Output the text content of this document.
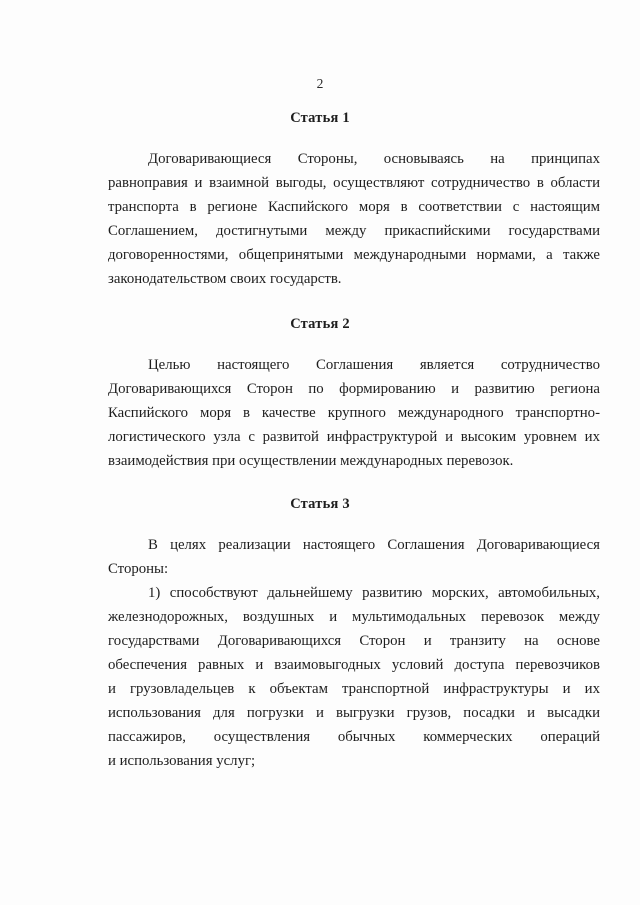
2
Статья 1
Договаривающиеся Стороны, основываясь на принципах
равноправия и взаимной выгоды, осуществляют сотрудничество в области
транспорта в регионе Каспийского моря в соответствии с настоящим
Соглашением, достигнутыми между прикаспийскими государствами
договоренностями, общепринятыми международными нормами, а также
законодательством своих государств.
Статья 2
Целью настоящего Соглашения является сотрудничество
Договаривающихся Сторон по формированию и развитию региона
Каспийского моря в качестве крупного международного транспортно-
логистического узла с развитой инфраструктурой и высоким уровнем их
взаимодействия при осуществлении международных перевозок.
Статья 3
В целях реализации настоящего Соглашения Договаривающиеся
Стороны:
1) способствуют дальнейшему развитию морских, автомобильных,
железнодорожных, воздушных и мультимодальных перевозок между
государствами Договаривающихся Сторон и транзиту на основе
обеспечения равных и взаимовыгодных условий доступа перевозчиков
и грузовладельцев к объектам транспортной инфраструктуры и их
использования для погрузки и выгрузки грузов, посадки и высадки
пассажиров, осуществления обычных коммерческих операций
и использования услуг;
